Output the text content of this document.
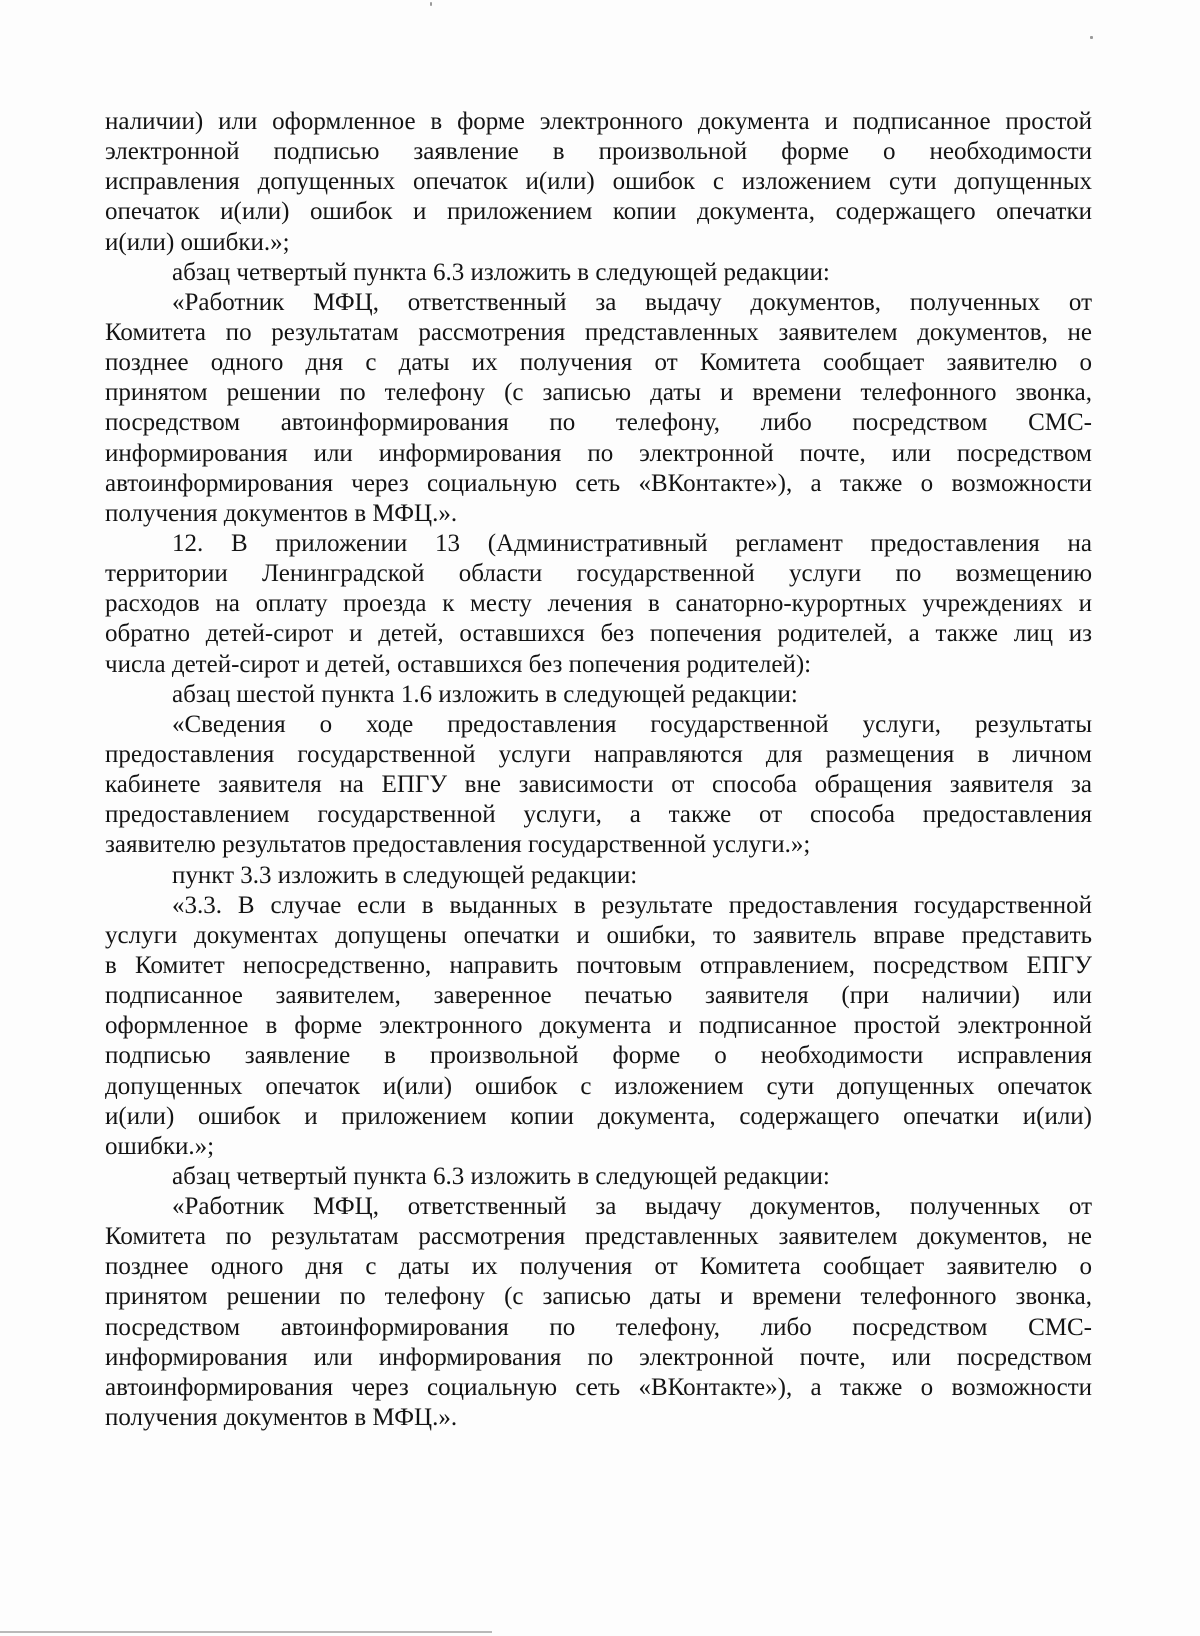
наличии) или оформленное в форме электронного документа и подписанное простой
электронной подписью заявление в произвольной форме о необходимости
исправления допущенных опечаток и(или) ошибок с изложением сути допущенных
опечаток и(или) ошибок и приложением копии документа, содержащего опечатки
и(или) ошибки.»;
абзац четвертый пункта 6.3 изложить в следующей редакции:
«Работник МФЦ, ответственный за выдачу документов, полученных от
Комитета по результатам рассмотрения представленных заявителем документов, не
позднее одного дня с даты их получения от Комитета сообщает заявителю о
принятом решении по телефону (с записью даты и времени телефонного звонка,
посредством автоинформирования по телефону, либо посредством СМС-
информирования или информирования по электронной почте, или посредством
автоинформирования через социальную сеть «ВКонтакте»), а также о возможности
получения документов в МФЦ.».
12. В приложении 13 (Административный регламент предоставления на
территории Ленинградской области государственной услуги по возмещению
расходов на оплату проезда к месту лечения в санаторно-курортных учреждениях и
обратно детей-сирот и детей, оставшихся без попечения родителей, а также лиц из
числа детей-сирот и детей, оставшихся без попечения родителей):
абзац шестой пункта 1.6 изложить в следующей редакции:
«Сведения о ходе предоставления государственной услуги, результаты
предоставления государственной услуги направляются для размещения в личном
кабинете заявителя на ЕПГУ вне зависимости от способа обращения заявителя за
предоставлением государственной услуги, а также от способа предоставления
заявителю результатов предоставления государственной услуги.»;
пункт 3.3 изложить в следующей редакции:
«3.3. В случае если в выданных в результате предоставления государственной
услуги документах допущены опечатки и ошибки, то заявитель вправе представить
в Комитет непосредственно, направить почтовым отправлением, посредством ЕПГУ
подписанное заявителем, заверенное печатью заявителя (при наличии) или
оформленное в форме электронного документа и подписанное простой электронной
подписью заявление в произвольной форме о необходимости исправления
допущенных опечаток и(или) ошибок с изложением сути допущенных опечаток
и(или) ошибок и приложением копии документа, содержащего опечатки и(или)
ошибки.»;
абзац четвертый пункта 6.3 изложить в следующей редакции:
«Работник МФЦ, ответственный за выдачу документов, полученных от
Комитета по результатам рассмотрения представленных заявителем документов, не
позднее одного дня с даты их получения от Комитета сообщает заявителю о
принятом решении по телефону (с записью даты и времени телефонного звонка,
посредством автоинформирования по телефону, либо посредством СМС-
информирования или информирования по электронной почте, или посредством
автоинформирования через социальную сеть «ВКонтакте»), а также о возможности
получения документов в МФЦ.».
